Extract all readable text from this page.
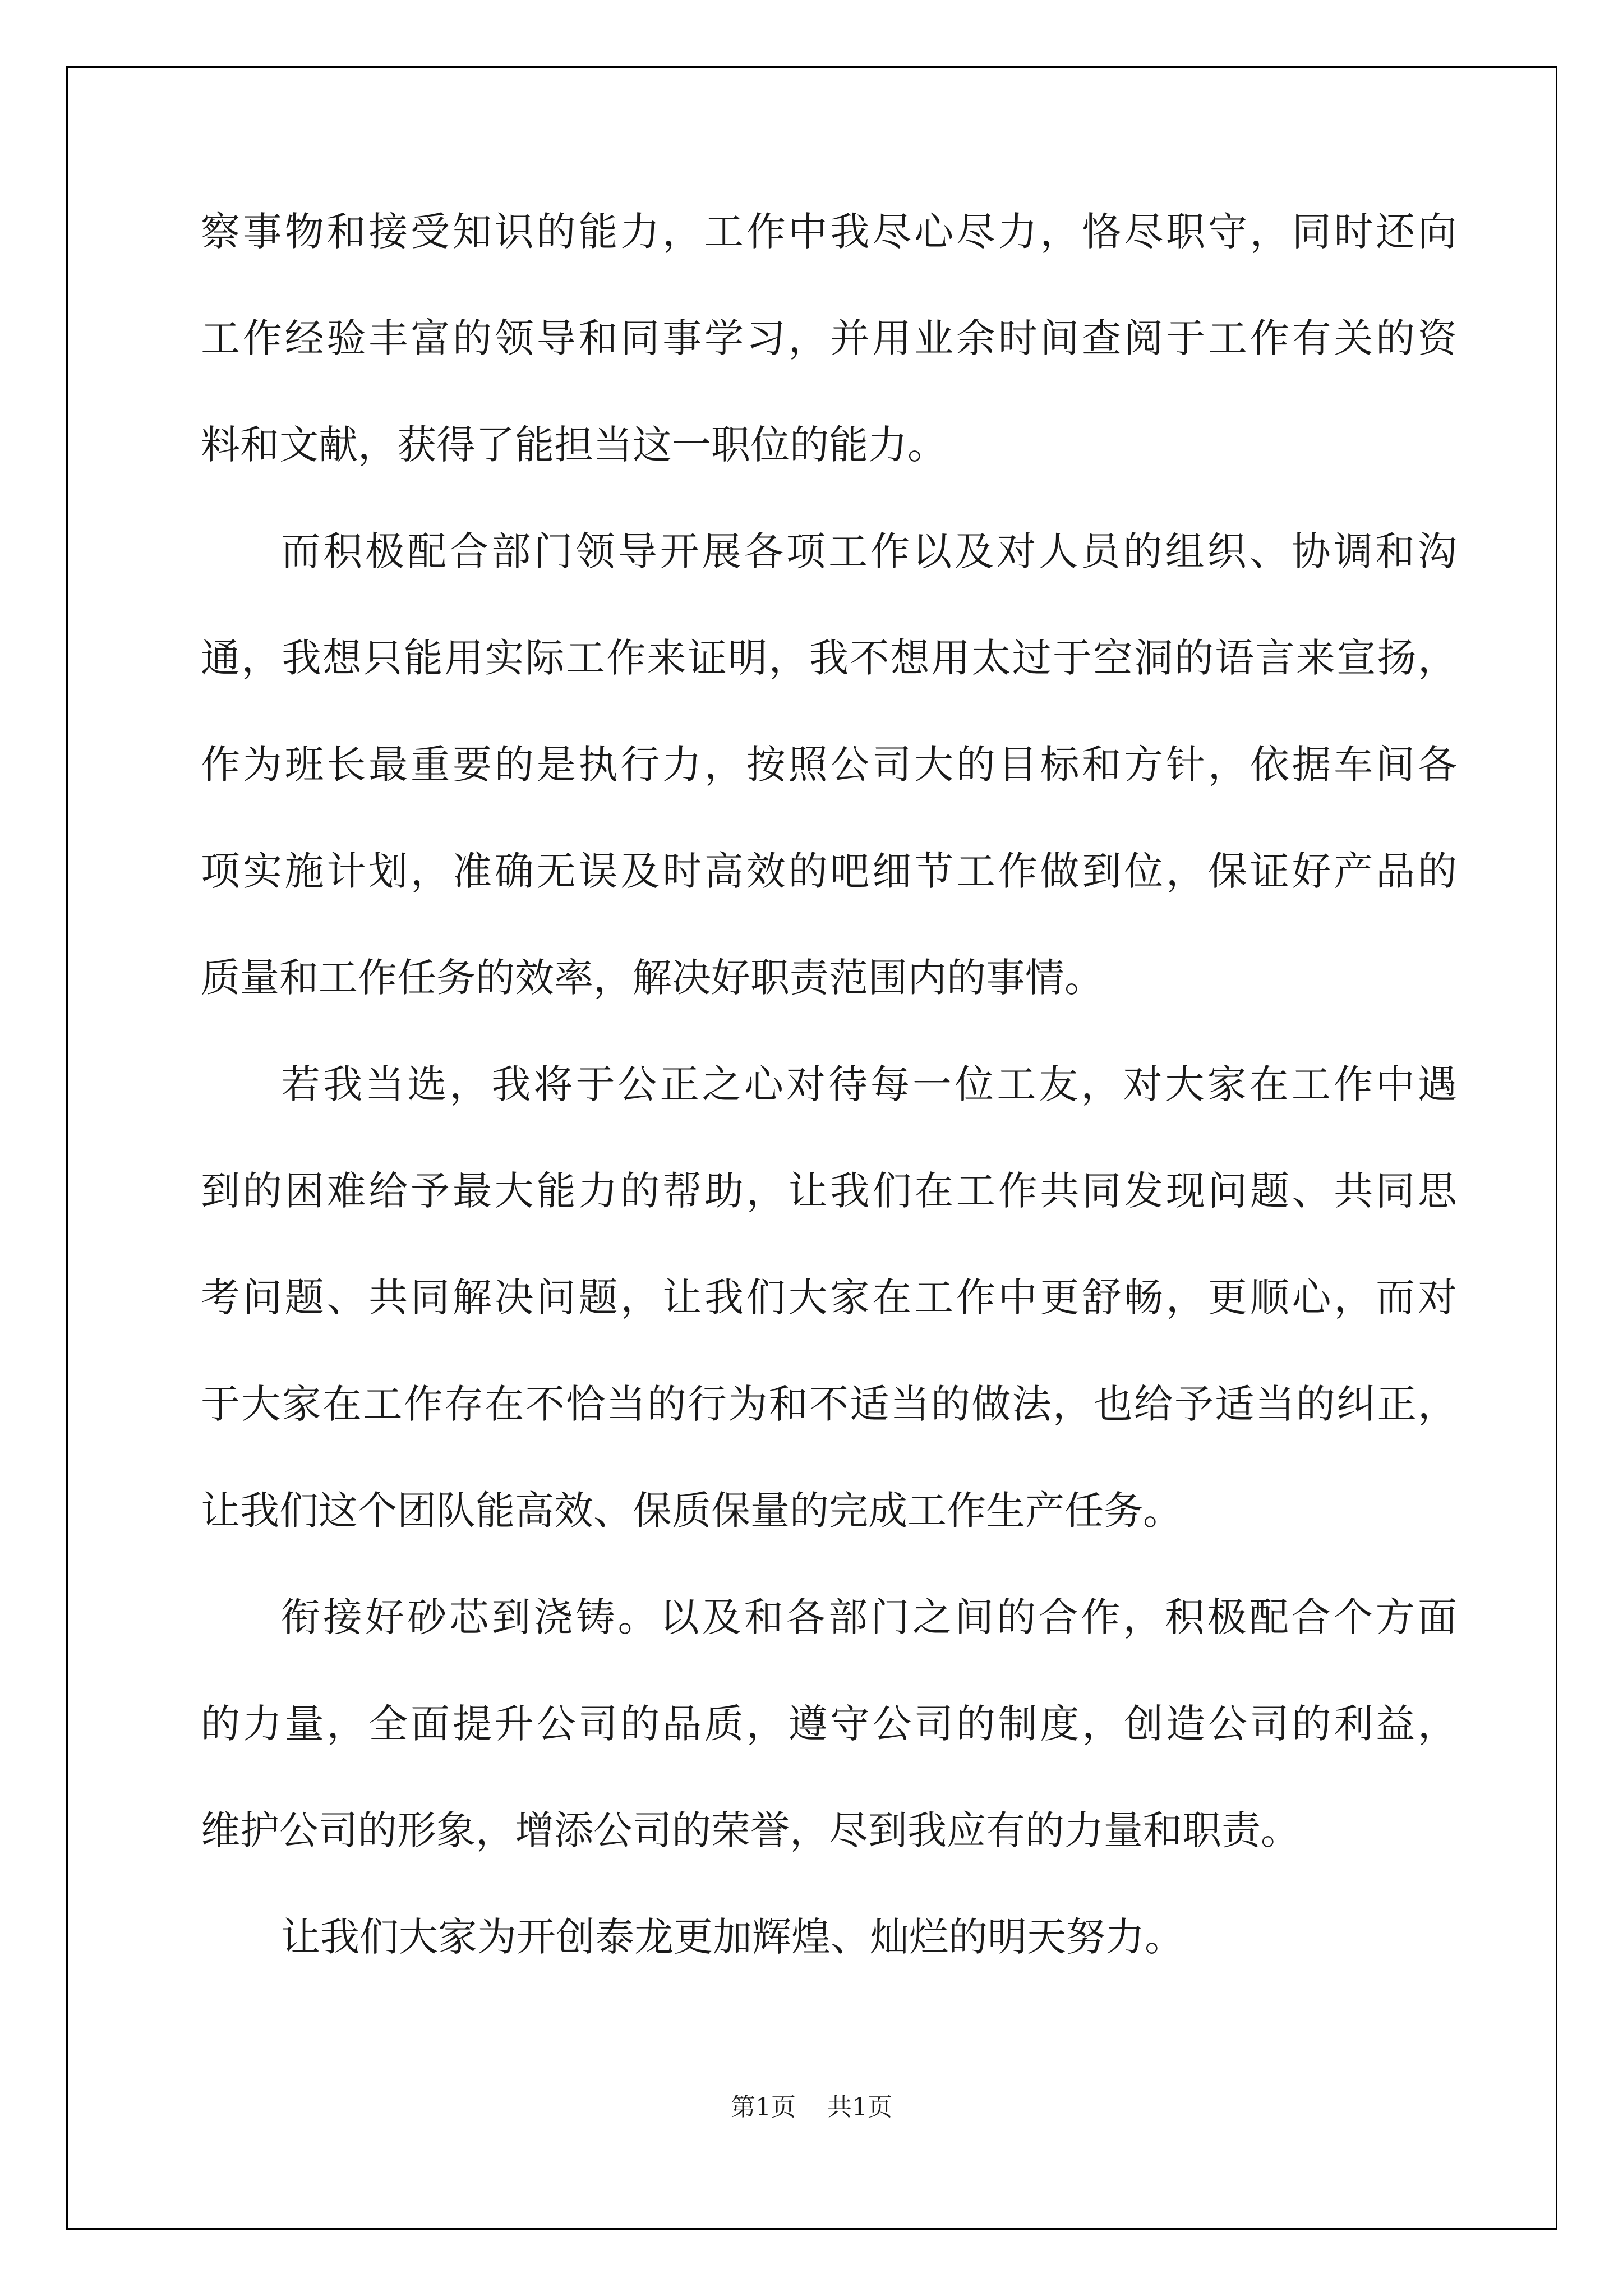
察事物和接受知识的能力，工作中我尽心尽力，恪尽职守，同时还向
工作经验丰富的领导和同事学习，并用业余时间查阅于工作有关的资
料和文献，获得了能担当这一职位的能力。
而积极配合部门领导开展各项工作以及对人员的组织、协调和沟
通，我想只能用实际工作来证明，我不想用太过于空洞的语言来宣扬，
作为班长最重要的是执行力，按照公司大的目标和方针，依据车间各
项实施计划，准确无误及时高效的吧细节工作做到位，保证好产品的
质量和工作任务的效率，解决好职责范围内的事情。
若我当选，我将于公正之心对待每一位工友，对大家在工作中遇
到的困难给予最大能力的帮助，让我们在工作共同发现问题、共同思
考问题、共同解决问题，让我们大家在工作中更舒畅，更顺心，而对
于大家在工作存在不恰当的行为和不适当的做法，也给予适当的纠正，
让我们这个团队能高效、保质保量的完成工作生产任务。
衔接好砂芯到浇铸。以及和各部门之间的合作，积极配合个方面
的力量，全面提升公司的品质，遵守公司的制度，创造公司的利益，
维护公司的形象，增添公司的荣誉，尽到我应有的力量和职责。
让我们大家为开创泰龙更加辉煌、灿烂的明天努力。
第1页 共1页
